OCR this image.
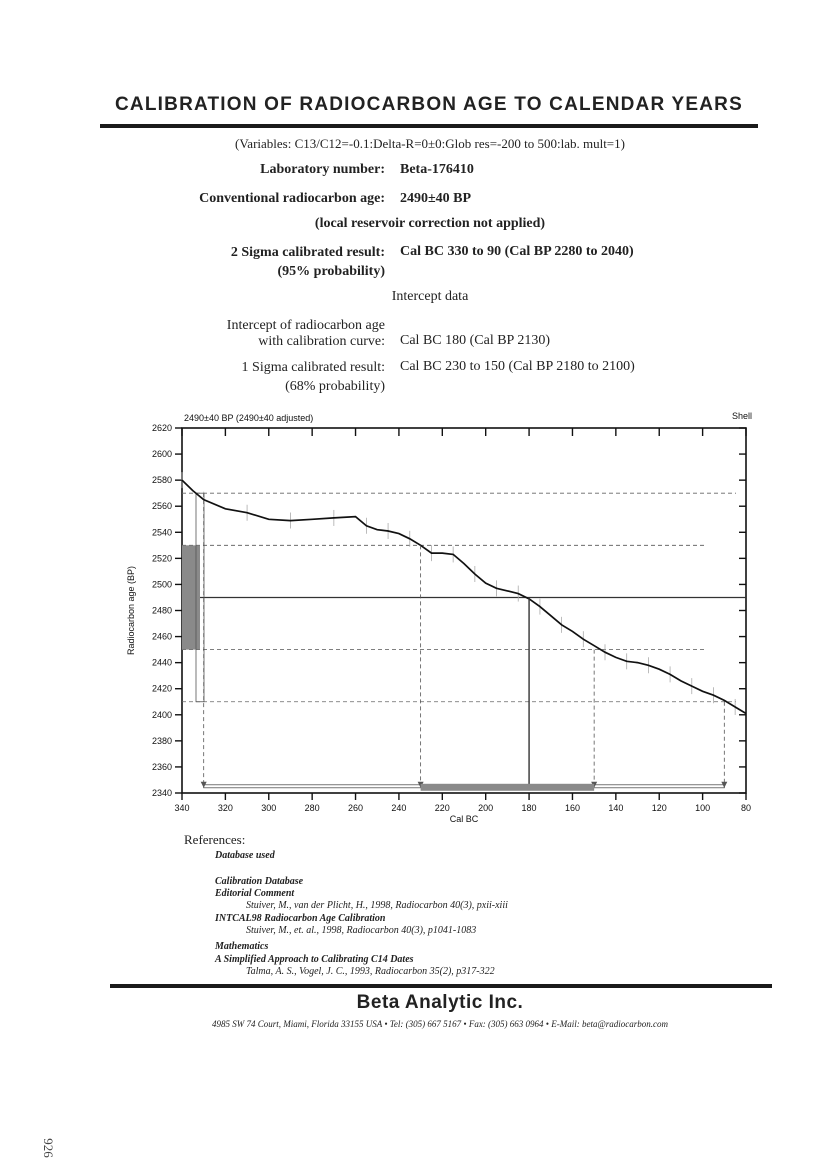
CALIBRATION OF RADIOCARBON AGE TO CALENDAR YEARS
(Variables: C13/C12=-0.1:Delta-R=0±0:Glob res=-200 to 500:lab. mult=1)
Laboratory number: Beta-176410
Conventional radiocarbon age: 2490±40 BP
(local reservoir correction not applied)
2 Sigma calibrated result:
(95% probability)
Cal BC 330 to 90 (Cal BP 2280 to 2040)
Intercept data
Intercept of radiocarbon age
with calibration curve: Cal BC 180 (Cal BP 2130)
1 Sigma calibrated result:
(68% probability)
Cal BC 230 to 150 (Cal BP 2180 to 2100)
2490±40 BP (2490±40 adjusted)	Shell
2620
2600
2580
2560
2540
2520
2500
2480
2460
2440
2420
2400
2380
2360
2340
340	320	300	280	260	240	220	200	180	160	140	120	100	80
Cal BC
Radiocarbon age (BP)
References:
Database used
Calibration Database
Editorial Comment
Stuiver, M., van der Plicht, H., 1998, Radiocarbon 40(3), pxii-xiii
INTCAL98 Radiocarbon Age Calibration
Stuiver, M., et. al., 1998, Radiocarbon 40(3), p1041-1083
Mathematics
A Simplified Approach to Calibrating C14 Dates
Talma, A. S., Vogel, J. C., 1993, Radiocarbon 35(2), p317-322
Beta Analytic Inc.
4985 SW 74 Court, Miami, Florida 33155 USA • Tel: (305) 667 5167 • Fax: (305) 663 0964 • E-Mail: beta@radiocarbon.com
926
